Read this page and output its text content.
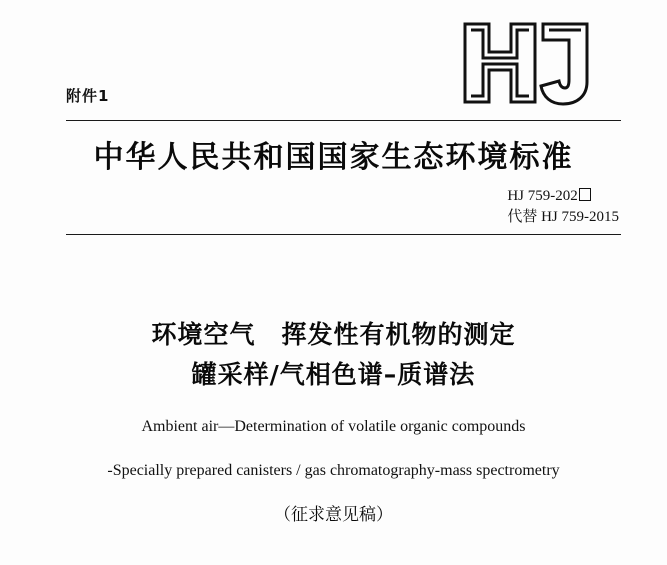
附件1
中华人民共和国国家生态环境标准
HJ 759-202
代替 HJ 759-2015
环境空气　挥发性有机物的测定
罐采样/气相色谱–质谱法
Ambient air—Determination of volatile organic compounds
-Specially prepared canisters / gas chromatography-mass spectrometry
（征求意见稿）
